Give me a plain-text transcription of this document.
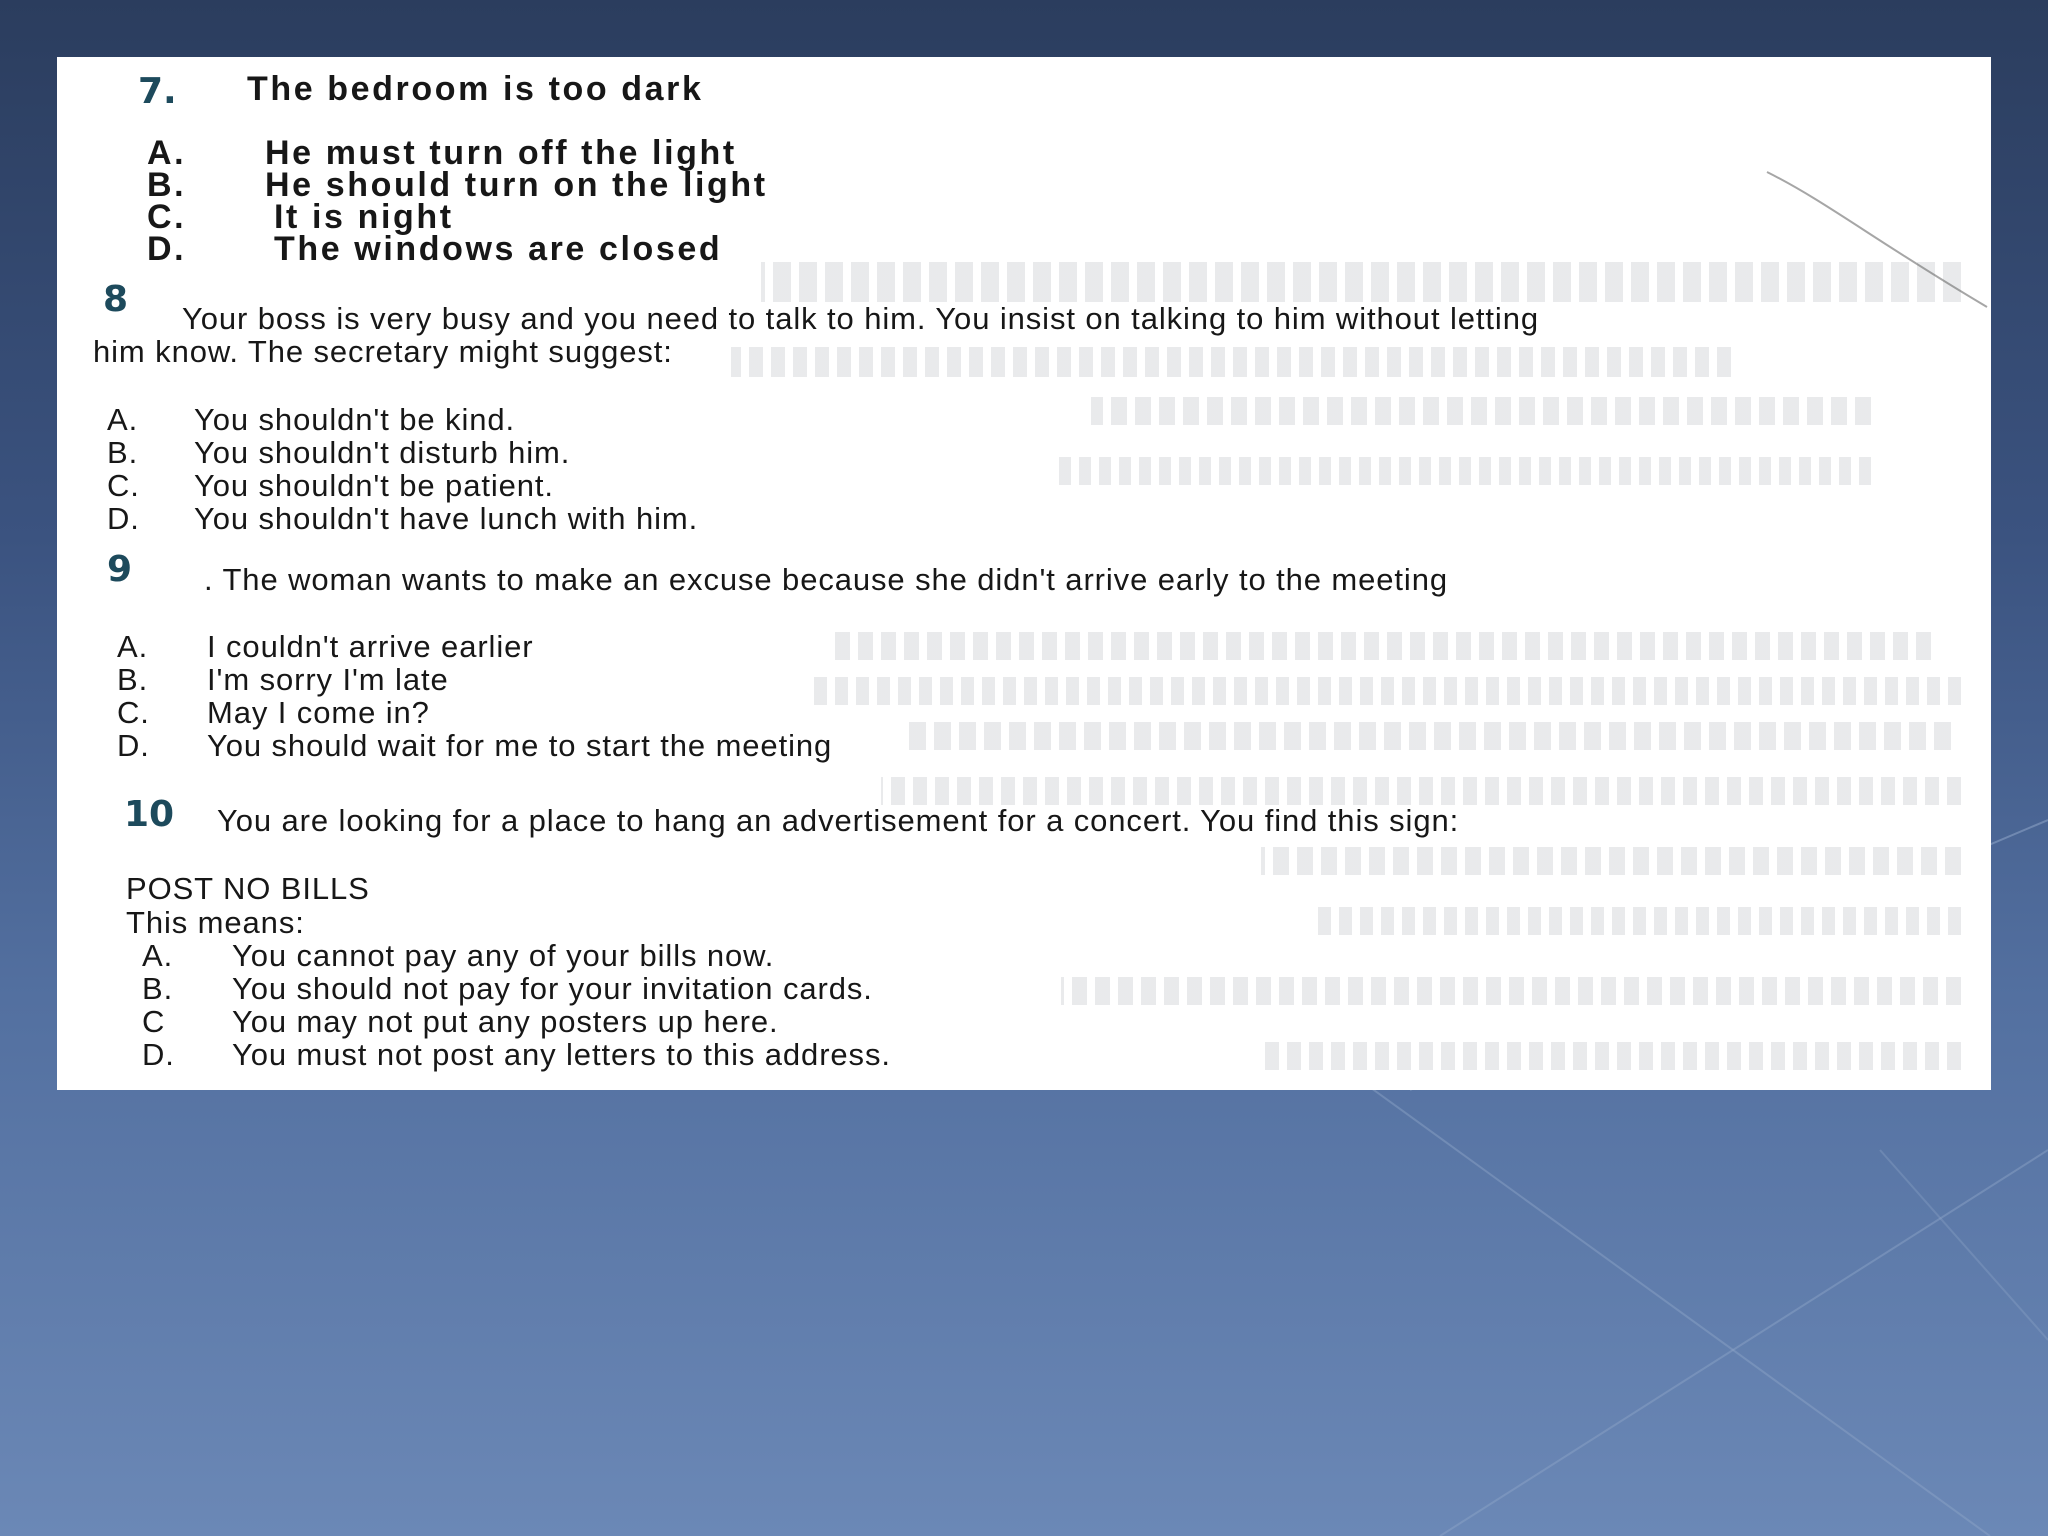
7.	The bedroom is too dark
A. He must turn off the light
B. He should turn on the light
C.	It is night
D.	The windows are closed
8	Your boss is very busy and you need to talk to him. You insist on talking to him without letting
him know. The secretary might suggest:
A. You shouldn't be kind.
B. You shouldn't disturb him.
C. You shouldn't be patient.
D. You shouldn't have lunch with him.
9	. The woman wants to make an excuse because she didn't arrive early to the meeting
A. I couldn't arrive earlier
B. I'm sorry I'm late
C. May I come in?
D. You should wait for me to start the meeting
10	You are looking for a place to hang an advertisement for a concert. You find this sign:
POST NO BILLS
This means:
A. You cannot pay any of your bills now.
B. You should not pay for your invitation cards.
C You may not put any posters up here.
D. You must not post any letters to this address.
